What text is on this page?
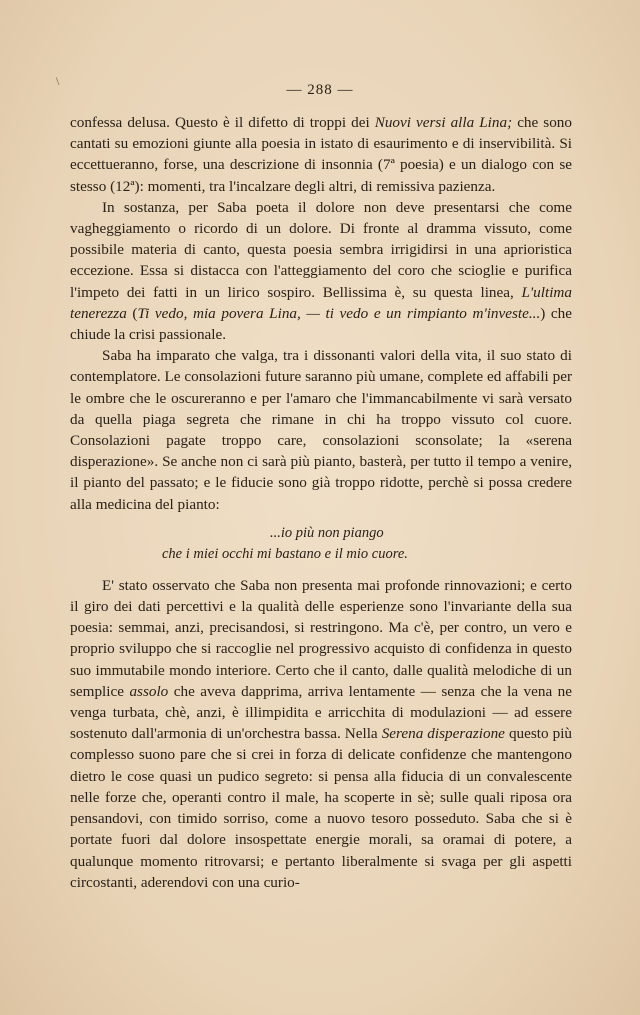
\
— 288 —

confessa delusa. Questo è il difetto di troppi dei Nuovi versi alla Lina; che sono cantati su emozioni giunte alla poesia in istato di esaurimento e di inservibilità. Si eccettueranno, forse, una descrizione di insonnia (7ª poesia) e un dialogo con se stesso (12ª): momenti, tra l'incalzare degli altri, di remissiva pazienza.

In sostanza, per Saba poeta il dolore non deve presentarsi che come vagheggiamento o ricordo di un dolore. Di fronte al dramma vissuto, come possibile materia di canto, questa poesia sembra irrigidirsi in una aprioristica eccezione. Essa si distacca con l'atteggiamento del coro che scioglie e purifica l'impeto dei fatti in un lirico sospiro. Bellissima è, su questa linea, L'ultima tenerezza (Ti vedo, mia povera Lina, — ti vedo e un rimpianto m'investe...) che chiude la crisi passionale.

Saba ha imparato che valga, tra i dissonanti valori della vita, il suo stato di contemplatore. Le consolazioni future saranno più umane, complete ed affabili per le ombre che le oscureranno e per l'amaro che l'immancabilmente vi sarà versato da quella piaga segreta che rimane in chi ha troppo vissuto col cuore. Consolazioni pagate troppo care, consolazioni sconsolate; la «serena disperazione». Se anche non ci sarà più pianto, basterà, per tutto il tempo a venire, il pianto del passato; e le fiducie sono già troppo ridotte, perchè si possa credere alla medicina del pianto:

...io più non piango
che i miei occhi mi bastano e il mio cuore.

E' stato osservato che Saba non presenta mai profonde rinnovazioni; e certo il giro dei dati percettivi e la qualità delle esperienze sono l'invariante della sua poesia: semmai, anzi, precisandosi, si restringono. Ma c'è, per contro, un vero e proprio sviluppo che si raccoglie nel progressivo acquisto di confidenza in questo suo immutabile mondo interiore. Certo che il canto, dalle qualità melodiche di un semplice assolo che aveva dapprima, arriva lentamente — senza che la vena ne venga turbata, chè, anzi, è illimpidita e arricchita di modulazioni — ad essere sostenuto dall'armonia di un'orchestra bassa. Nella Serena disperazione questo più complesso suono pare che si crei in forza di delicate confidenze che mantengono dietro le cose quasi un pudico segreto: si pensa alla fiducia di un convalescente nelle forze che, operanti contro il male, ha scoperte in sè; sulle quali riposa ora pensandovi, con timido sorriso, come a nuovo tesoro posseduto. Saba che si è portate fuori dal dolore insospettate energie morali, sa oramai di potere, a qualunque momento ritrovarsi; e pertanto liberalmente si svaga per gli aspetti circostanti, aderendovi con una curio-
